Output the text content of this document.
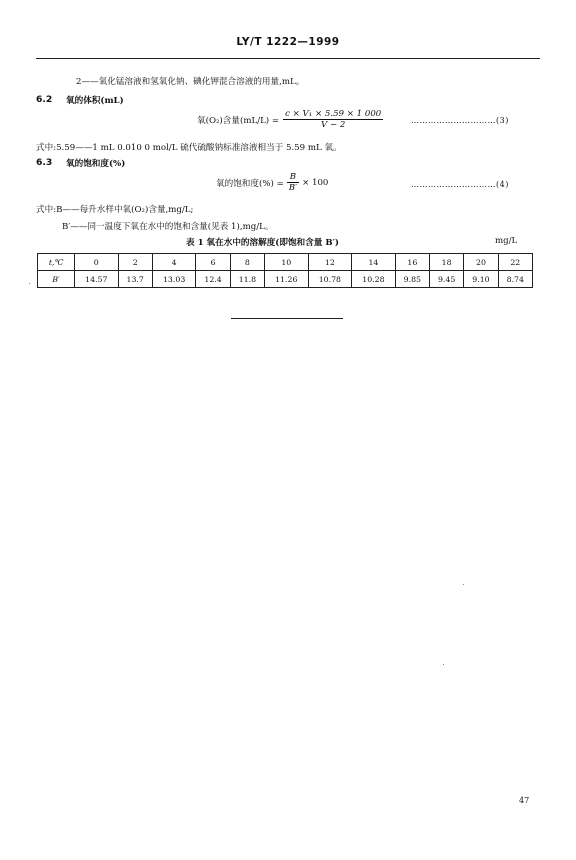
LY/T 1222—1999
2——氧化锰溶液和氢氧化钠、碘化钾混合溶液的用量,mL。
6.2 氧的体积(mL)
氧(O₂)含量$(mL/L) = \frac{\text{c × V₁ × 5.59 × 1 000}}{V - 2}$	…………………………(3)
式中:5.59——1 mL 0.010 0 mol/L 硫代硫酸钠标准溶液相当于 5.59 mL 氧。
6.3 氧的饱和度(%)
氧的饱和度(%) = $\frac{B}{B'} \times 100$	…………………………(4)
式中:B——每升水样中氧(O₂)含量,mg/L;
B′——同一温度下氧在水中的饱和含量(见表 1),mg/L。
表 1 氧在水中的溶解度(即饱和含量 B′)	mg/L
t,℃	0	2	4	6	8	10	12	14	16	18	20	22
B′	14.57	13.7	13.03	12.4	11.8	11.26	10.78	10.28	9.85	9.45	9.10	8.74
47
